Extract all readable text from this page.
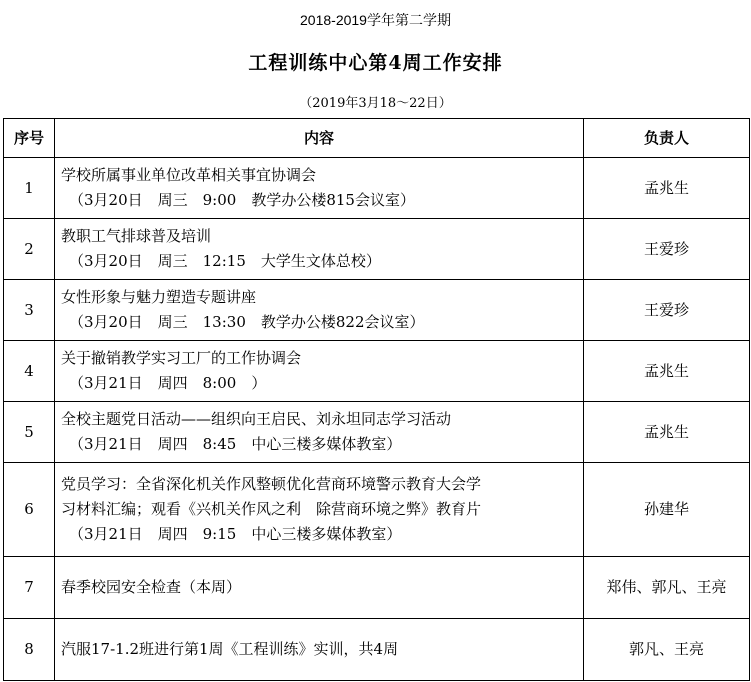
2018-2019学年第二学期
工程训练中心第4周工作安排
（2019年3月18～22日）
序号	内容	负责人
1	学校所属事业单位改革相关事宜协调会
（3月20日　周三　9:00　教学办公楼815会议室）	孟兆生
2	教职工气排球普及培训
（3月20日　周三　12:15　大学生文体总校）	王爱珍
3	女性形象与魅力塑造专题讲座
（3月20日　周三　13:30　教学办公楼822会议室）	王爱珍
4	关于撤销教学实习工厂的工作协调会
（3月21日　周四　8:00　）	孟兆生
5	全校主题党日活动——组织向王启民、刘永坦同志学习活动
（3月21日　周四　8:45　中心三楼多媒体教室）	孟兆生
6	党员学习：全省深化机关作风整顿优化营商环境警示教育大会学
习材料汇编；观看《兴机关作风之利　除营商环境之弊》教育片
（3月21日　周四　9:15　中心三楼多媒体教室）	孙建华
7	春季校园安全检查（本周）	郑伟、郭凡、王亮
8	汽服17-1.2班进行第1周《工程训练》实训，共4周	郭凡、王亮
